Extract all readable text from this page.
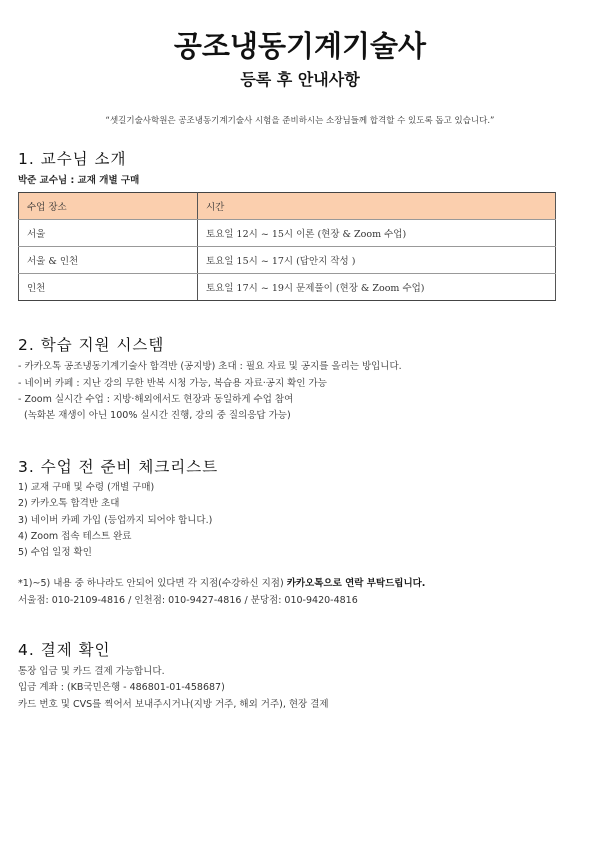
공조냉동기계기술사
등록 후 안내사항
“셋길기술사학원은 공조냉동기계기술사 시험을 준비하시는 소장님들께 합격할 수 있도록 돕고 있습니다.”
1. 교수님 소개
박준 교수님 : 교재 개별 구매
수업 장소	시간
서울	토요일 12시 ~ 15시 이론 (현장 & Zoom 수업)
서울 & 인천	토요일 15시 ~ 17시 (답안지 작성 )
인천	토요일 17시 ~ 19시 문제풀이 (현장 & Zoom 수업)
2. 학습 지원 시스템
- 카카오톡 공조냉동기계기술사 합격반 (공지방) 초대 : 필요 자료 및 공지를 올리는 방입니다.
- 네이버 카페 : 지난 강의 무한 반복 시청 가능, 복습용 자료·공지 확인 가능
- Zoom 실시간 수업 : 지방·해외에서도 현장과 동일하게 수업 참여
(녹화본 재생이 아닌 100% 실시간 진행, 강의 중 질의응답 가능)
3. 수업 전 준비 체크리스트
1) 교재 구매 및 수령 (개별 구매)
2) 카카오톡 합격반 초대
3) 네이버 카페 가입 (등업까지 되어야 합니다.)
4) Zoom 접속 테스트 완료
5) 수업 일정 확인
*1)~5) 내용 중 하나라도 안되어 있다면 각 지점(수강하신 지점) 카카오톡으로 연락 부탁드립니다.
서울점: 010-2109-4816 / 인천점: 010-9427-4816 / 분당점: 010-9420-4816
4. 결제 확인
통장 입금 및 카드 결제 가능합니다.
입금 계좌 : (KB국민은행 - 486801-01-458687)
카드 번호 및 CVS를 찍어서 보내주시거나(지방 거주, 해외 거주), 현장 결제
